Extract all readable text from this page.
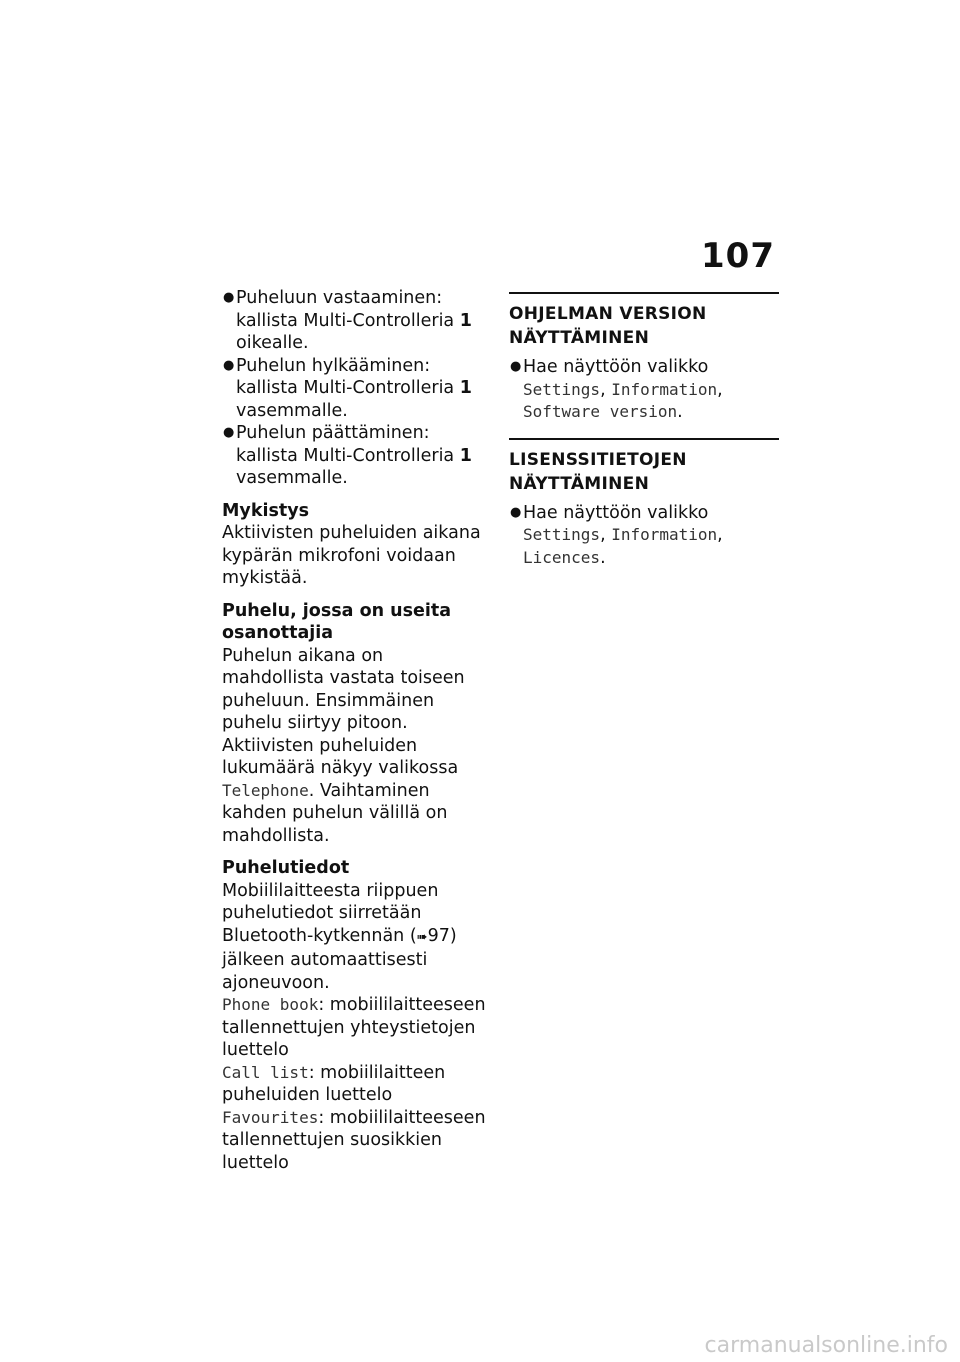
107

● Puheluun vastaaminen: kallista Multi-Controlleria 1 oikealle.

● Puhelun hylkääminen: kallista Multi-Controlleria 1 vasemmalle.

● Puhelun päättäminen: kallista Multi-Controlleria 1 vasemmalle.

Mykistys

Aktiivisten puheluiden aikana kypärän mikrofoni voidaan mykistää.

Puhelu, jossa on useita osanottajia

Puhelun aikana on mahdollista vastata toiseen puheluun. Ensimmäinen puhelu siirtyy pitoon. Aktiivisten puheluiden lukumäärä näkyy valikossa Telephone. Vaihtaminen kahden puhelun välillä on mahdollista.

Puhelutiedot

Mobiililaitteesta riippuen puhelutiedot siirretään Bluetooth-kytkennän (➠97) jälkeen automaattisesti ajoneuvoon.

Phone book: mobiililaitteeseen tallennettujen yhteystietojen luettelo

Call list: mobiililaitteen puheluiden luettelo

Favourites: mobiililaitteeseen tallennettujen suosikkien luettelo

OHJELMAN VERSION NÄYTTÄMINEN

● Hae näyttöön valikko

Settings, Information,
Software version.
LISENSSITIETOJEN NÄYTTÄMINEN

● Hae näyttöön valikko

Settings, Information,
Licences.
carmanualsonline.info
